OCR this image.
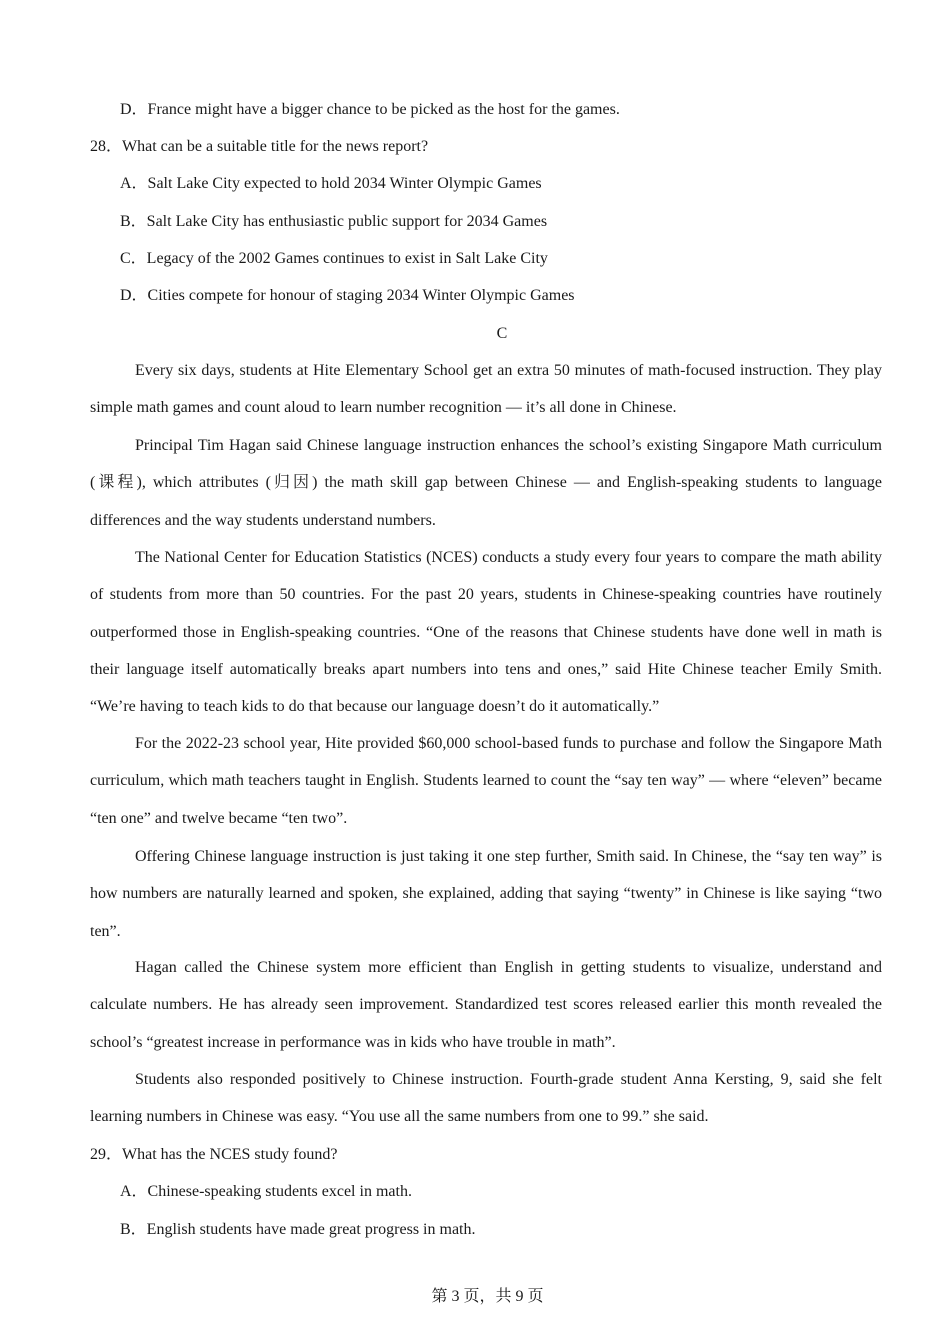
D．France might have a bigger chance to be picked as the host for the games.
28．What can be a suitable title for the news report?
A．Salt Lake City expected to hold 2034 Winter Olympic Games
B．Salt Lake City has enthusiastic public support for 2034 Games
C．Legacy of the 2002 Games continues to exist in Salt Lake City
D．Cities compete for honour of staging 2034 Winter Olympic Games
C
Every six days, students at Hite Elementary School get an extra 50 minutes of math-focused instruction. They play simple math games and count aloud to learn number recognition — it’s all done in Chinese.
Principal Tim Hagan said Chinese language instruction enhances the school’s existing Singapore Math curriculum (课程), which attributes (归因) the math skill gap between Chinese — and English-speaking students to language differences and the way students understand numbers.
The National Center for Education Statistics (NCES) conducts a study every four years to compare the math ability of students from more than 50 countries. For the past 20 years, students in Chinese-speaking countries have routinely outperformed those in English-speaking countries. “One of the reasons that Chinese students have done well in math is their language itself automatically breaks apart numbers into tens and ones,” said Hite Chinese teacher Emily Smith. “We’re having to teach kids to do that because our language doesn’t do it automatically.”
For the 2022-23 school year, Hite provided $60,000 school-based funds to purchase and follow the Singapore Math curriculum, which math teachers taught in English. Students learned to count the “say ten way” — where “eleven” became “ten one” and twelve became “ten two”.
Offering Chinese language instruction is just taking it one step further, Smith said. In Chinese, the “say ten way” is how numbers are naturally learned and spoken, she explained, adding that saying “twenty” in Chinese is like saying “two ten”.
Hagan called the Chinese system more efficient than English in getting students to visualize, understand and calculate numbers. He has already seen improvement. Standardized test scores released earlier this month revealed the school’s “greatest increase in performance was in kids who have trouble in math”.
Students also responded positively to Chinese instruction. Fourth-grade student Anna Kersting, 9, said she felt learning numbers in Chinese was easy. “You use all the same numbers from one to 99.” she said.
29．What has the NCES study found?
A．Chinese-speaking students excel in math.
B．English students have made great progress in math.
第 3 页，共 9 页
